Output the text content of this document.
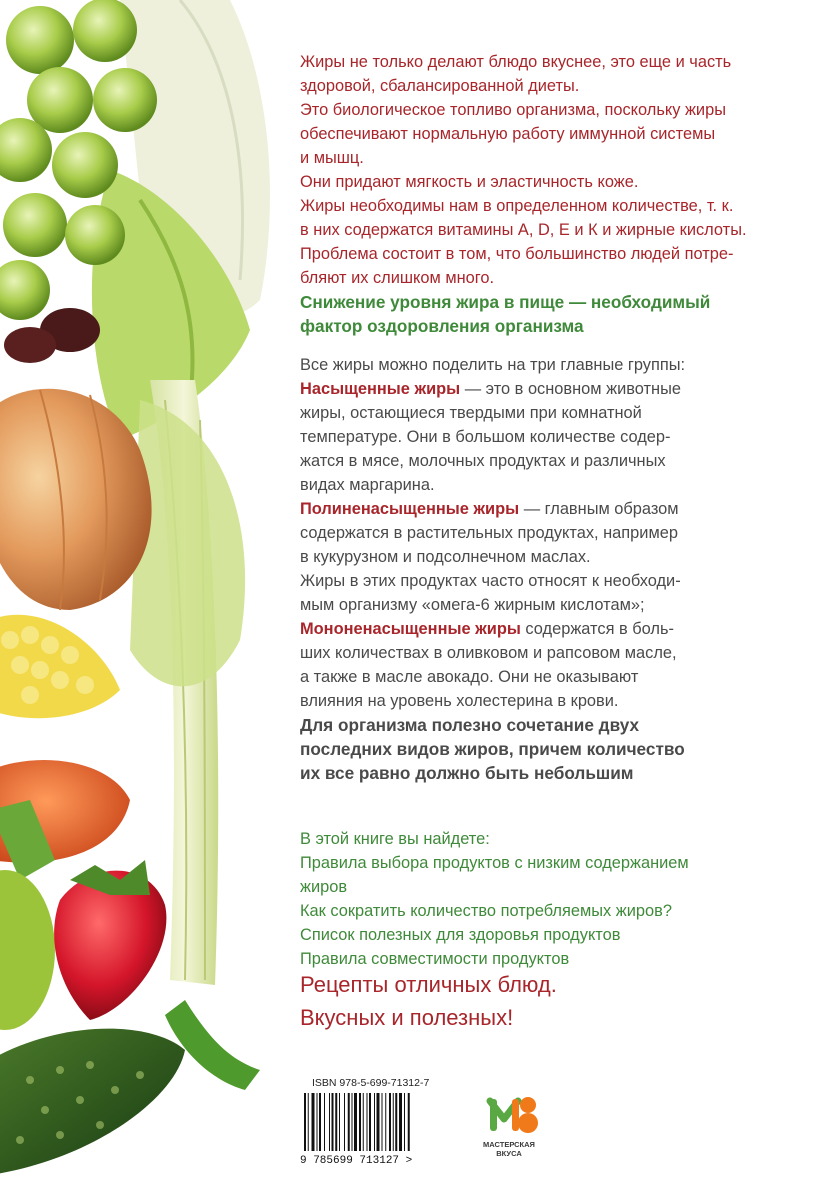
Жиры не только делают блюдо вкуснее, это еще и часть

здоровой, сбалансированной диеты.

Это биологическое топливо организма, поскольку жиры

обеспечивают нормальную работу иммунной системы

и мышц.

Они придают мягкость и эластичность коже.

Жиры необходимы нам в определенном количестве, т. к.

в них содержатся витамины А, D, Е и К и жирные кислоты.

Проблема состоит в том, что большинство людей потре-

бляют их слишком много.

Снижение уровня жира в пище — необходимый

фактор оздоровления организма

Все жиры можно поделить на три главные группы:

Насыщенные жиры — это в основном животные

жиры, остающиеся твердыми при комнатной

температуре. Они в большом количестве содер-

жатся в мясе, молочных продуктах и различных

видах маргарина.

Полиненасыщенные жиры — главным образом

содержатся в растительных продуктах, например

в кукурузном и подсолнечном маслах.

Жиры в этих продуктах часто относят к необходи-

мым организму «омега-6 жирным кислотам»;

Мононенасыщенные жиры содержатся в боль-

ших количествах в оливковом и рапсовом масле,

а также в масле авокадо. Они не оказывают

влияния на уровень холестерина в крови.

Для организма полезно сочетание двух

последних видов жиров, причем количество

их все равно должно быть небольшим

В этой книге вы найдете:

Правила выбора продуктов с низким содержанием

жиров

Как сократить количество потребляемых жиров?

Список полезных для здоровья продуктов

Правила совместимости продуктов

Рецепты отличных блюд.

Вкусных и полезных!

ISBN 978-5-699-71312-7
9 785699 713127 >
МАСТЕРСКАЯ
ВКУСА
